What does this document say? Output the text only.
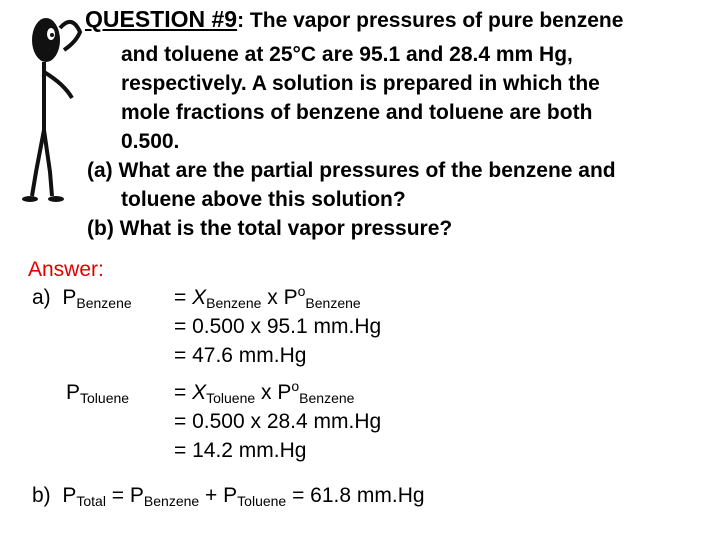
QUESTION #9: The vapor pressures of pure benzene
and toluene at 25°C are 95.1 and 28.4 mm Hg,
respectively. A solution is prepared in which the
mole fractions of benzene and toluene are both
0.500.
(a) What are the partial pressures of the benzene and
toluene above this solution?
(b) What is the total vapor pressure?
Answer:
a) $P_{Benzene} = X_{Benzene}$ x $P^o_{Benzene}$
= 0.500 x 95.1 mm.Hg
= 47.6 mm.Hg
$P_{Toluene} = X_{Toluene}$ x $P^o_{Benzene}$
= 0.500 x 28.4 mm.Hg
= 14.2 mm.Hg
b) $P_{Total} = P_{Benzene} + P_{Toluene} = 61.8$ mm.Hg
